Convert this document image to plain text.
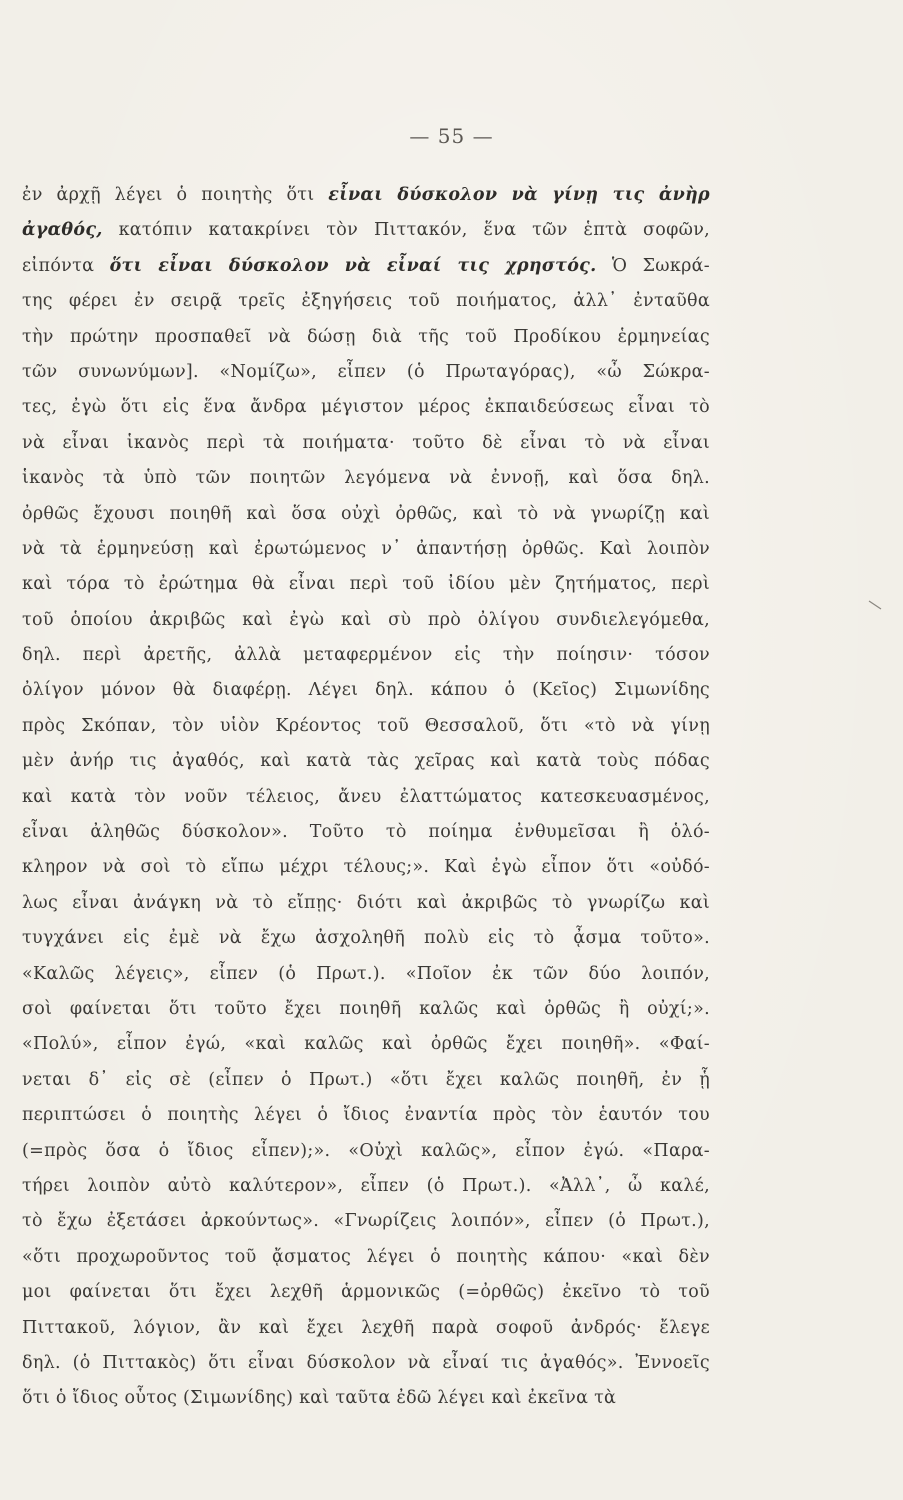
— 55 —
ἐν ἀρχῇ λέγει ὁ ποιητὴς ὅτι εἶναι δύσκολον νὰ γίνῃ τις ἀνὴρ
ἀγαθός, κατόπιν κατακρίνει τὸν Πιττακόν, ἕνα τῶν ἑπτὰ σοφῶν,
εἰπόντα ὅτι εἶναι δύσκολον νὰ εἶναί τις χρηστός. Ὁ Σωκρά-
της φέρει ἐν σειρᾷ τρεῖς ἐξηγήσεις τοῦ ποιήματος, ἀλλ᾽ ἐνταῦθα
τὴν πρώτην προσπαθεῖ νὰ δώσῃ διὰ τῆς τοῦ Προδίκου ἑρμηνείας
τῶν συνωνύμων]. «Νομίζω», εἶπεν (ὁ Πρωταγόρας), «ὦ Σώκρα-
τες, ἐγὼ ὅτι εἰς ἕνα ἄνδρα μέγιστον μέρος ἐκπαιδεύσεως εἶναι τὸ
νὰ εἶναι ἱκανὸς περὶ τὰ ποιήματα· τοῦτο δὲ εἶναι τὸ νὰ εἶναι
ἱκανὸς τὰ ὑπὸ τῶν ποιητῶν λεγόμενα νὰ ἐννοῇ, καὶ ὅσα δηλ.
ὀρθῶς ἔχουσι ποιηθῆ καὶ ὅσα οὐχὶ ὀρθῶς, καὶ τὸ νὰ γνωρίζῃ καὶ
νὰ τὰ ἑρμηνεύσῃ καὶ ἐρωτώμενος ν᾽ ἀπαντήσῃ ὀρθῶς. Καὶ λοιπὸν
καὶ τόρα τὸ ἐρώτημα θὰ εἶναι περὶ τοῦ ἰδίου μὲν ζητήματος, περὶ
τοῦ ὁποίου ἀκριβῶς καὶ ἐγὼ καὶ σὺ πρὸ ὀλίγου συνδιελεγόμεθα,
δηλ. περὶ ἀρετῆς, ἀλλὰ μεταφερμένον εἰς τὴν ποίησιν· τόσον
ὀλίγον μόνον θὰ διαφέρῃ. Λέγει δηλ. κάπου ὁ (Κεῖος) Σιμωνίδης
πρὸς Σκόπαν, τὸν υἱὸν Κρέοντος τοῦ Θεσσαλοῦ, ὅτι «τὸ νὰ γίνῃ
μὲν ἀνήρ τις ἀγαθός, καὶ κατὰ τὰς χεῖρας καὶ κατὰ τοὺς πόδας
καὶ κατὰ τὸν νοῦν τέλειος, ἄνευ ἐλαττώματος κατεσκευασμένος,
εἶναι ἀληθῶς δύσκολον». Τοῦτο τὸ ποίημα ἐνθυμεῖσαι ἢ ὁλό-
κληρον νὰ σοὶ τὸ εἴπω μέχρι τέλους;». Καὶ ἐγὼ εἶπον ὅτι «οὐδό-
λως εἶναι ἀνάγκη νὰ τὸ εἴπῃς· διότι καὶ ἀκριβῶς τὸ γνωρίζω καὶ
τυγχάνει εἰς ἐμὲ νὰ ἔχω ἀσχοληθῆ πολὺ εἰς τὸ ᾆσμα τοῦτο».
«Καλῶς λέγεις», εἶπεν (ὁ Πρωτ.). «Ποῖον ἐκ τῶν δύο λοιπόν,
σοὶ φαίνεται ὅτι τοῦτο ἔχει ποιηθῆ καλῶς καὶ ὀρθῶς ἢ οὐχί;».
«Πολύ», εἶπον ἐγώ, «καὶ καλῶς καὶ ὀρθῶς ἔχει ποιηθῆ». «Φαί-
νεται δ᾽ εἰς σὲ (εἶπεν ὁ Πρωτ.) «ὅτι ἔχει καλῶς ποιηθῆ, ἐν ᾗ
περιπτώσει ὁ ποιητὴς λέγει ὁ ἴδιος ἐναντία πρὸς τὸν ἑαυτόν του
(=πρὸς ὅσα ὁ ἴδιος εἶπεν);». «Οὐχὶ καλῶς», εἶπον ἐγώ. «Παρα-
τήρει λοιπὸν αὐτὸ καλύτερον», εἶπεν (ὁ Πρωτ.). «Ἀλλ᾽, ὦ καλέ,
τὸ ἔχω ἐξετάσει ἀρκούντως». «Γνωρίζεις λοιπόν», εἶπεν (ὁ Πρωτ.),
«ὅτι προχωροῦντος τοῦ ᾄσματος λέγει ὁ ποιητὴς κάπου· «καὶ δὲν
μοι φαίνεται ὅτι ἔχει λεχθῆ ἁρμονικῶς (=ὀρθῶς) ἐκεῖνο τὸ τοῦ
Πιττακοῦ, λόγιον, ἂν καὶ ἔχει λεχθῆ παρὰ σοφοῦ ἀνδρός· ἔλεγε
δηλ. (ὁ Πιττακὸς) ὅτι εἶναι δύσκολον νὰ εἶναί τις ἀγαθός». Ἐννοεῖς
ὅτι ὁ ἴδιος οὗτος (Σιμωνίδης) καὶ ταῦτα ἐδῶ λέγει καὶ ἐκεῖνα τὰ
